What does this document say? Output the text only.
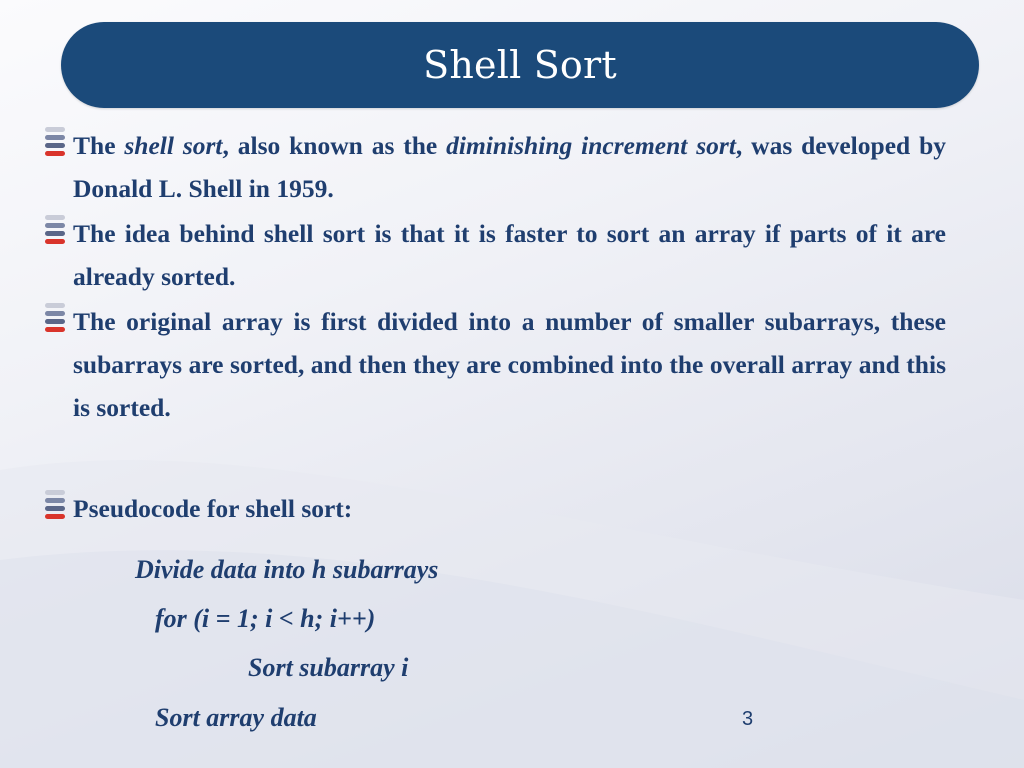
Shell Sort
The shell sort, also known as the diminishing increment sort, was developed by Donald L. Shell in 1959.
The idea behind shell sort is that it is faster to sort an array if parts of it are already sorted.
The original array is first divided into a number of smaller subarrays, these subarrays are sorted, and then they are combined into the overall array and this is sorted.
Pseudocode for shell sort:
Divide data into h subarrays
for (i = 1; i < h; i++)
Sort subarray i
Sort array data	3
